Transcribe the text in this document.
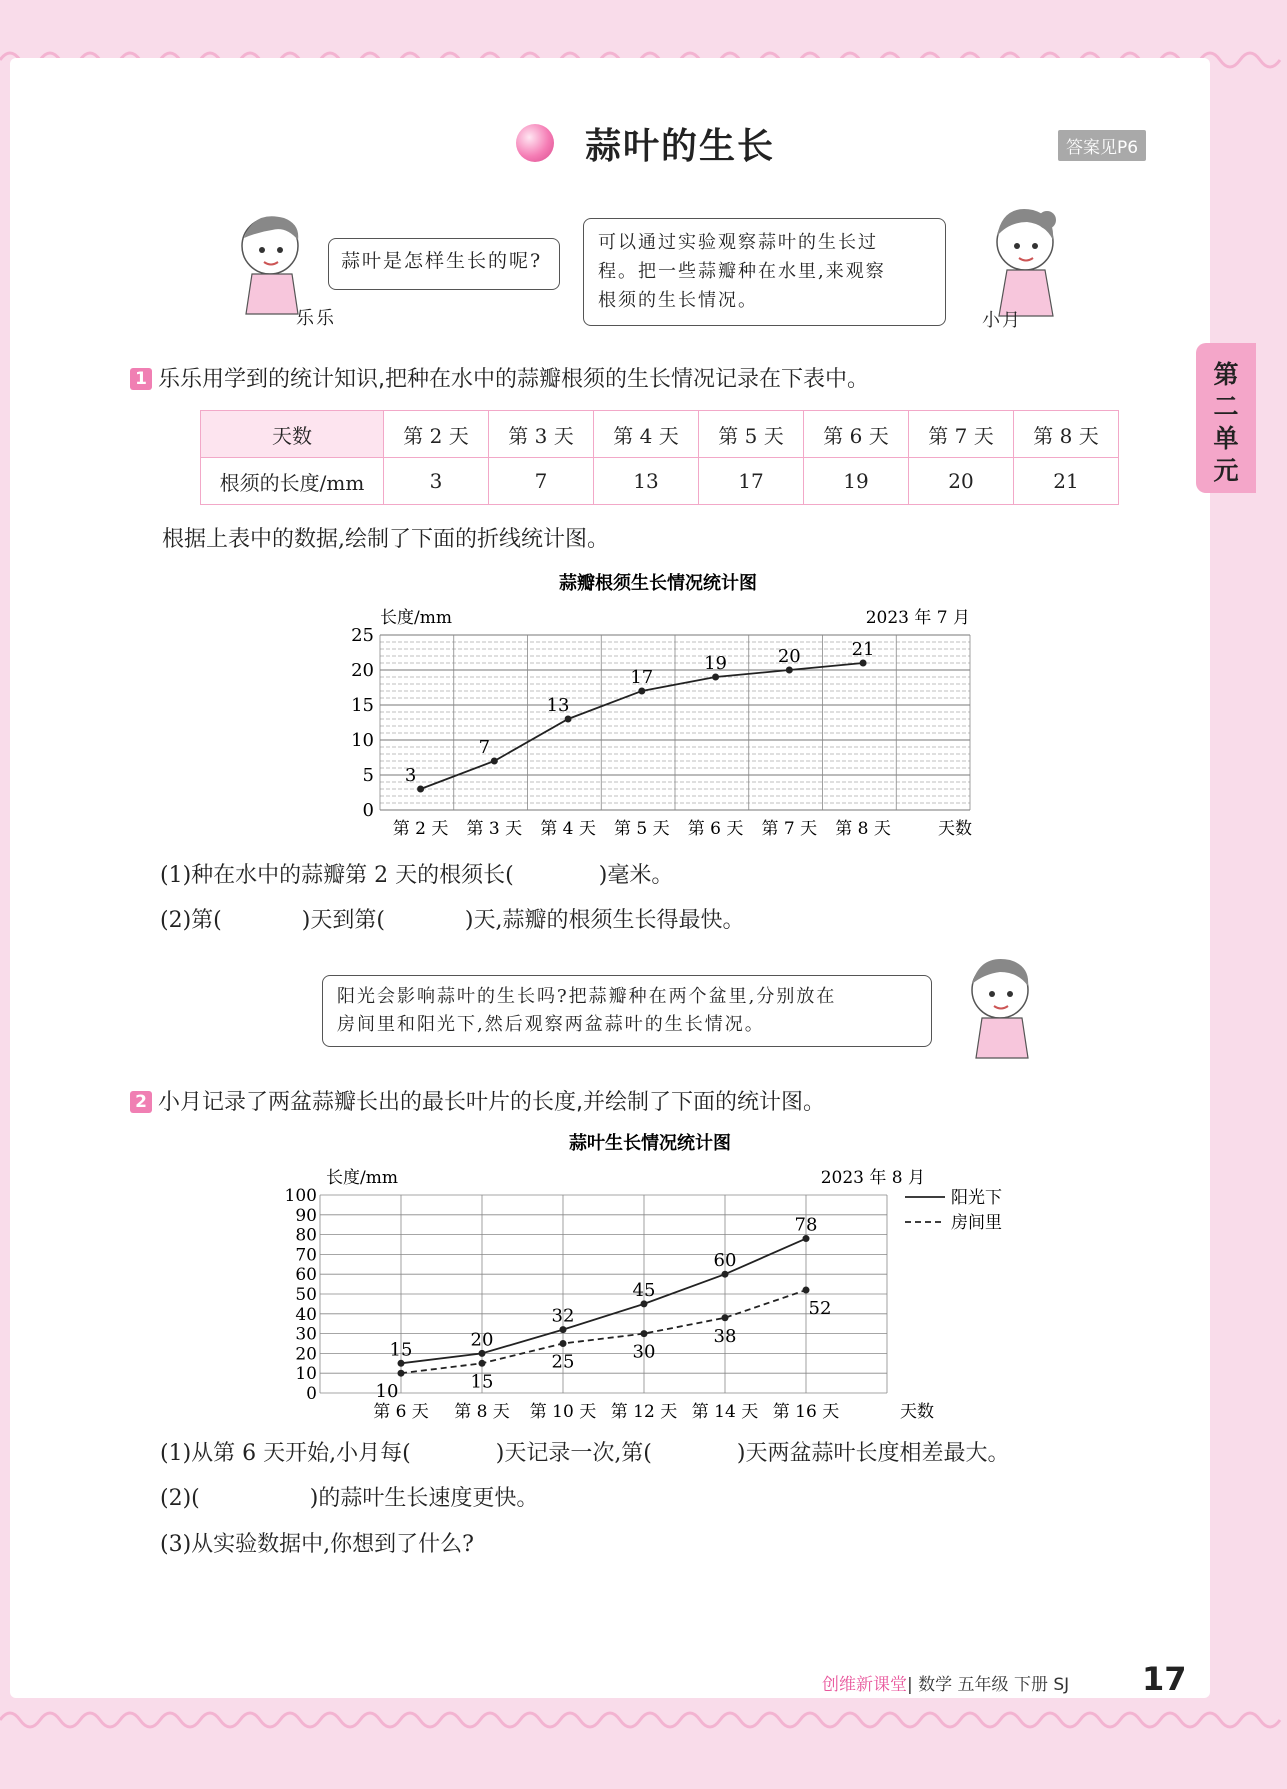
蒜叶的生长	答案见P6
第
二
单
元
蒜叶是怎样生长的呢?
乐乐
可以通过实验观察蒜叶的生长过
程。把一些蒜瓣种在水里,来观察
根须的生长情况。
小月
1 乐乐用学到的统计知识,把种在水中的蒜瓣根须的生长情况记录在下表中。
天数	第 2 天	第 3 天	第 4 天	第 5 天	第 6 天	第 7 天	第 8 天
根须的长度/mm	3	7	13	17	19	20	21
根据上表中的数据,绘制了下面的折线统计图。
蒜瓣根须生长情况统计图
长度/mm	2023 年 7 月
0
5
10
15
20
25
第 2 天 第 3 天 第 4 天 第 5 天 第 6 天 第 7 天 第 8 天	天数
3
7
13
17
19	20	21
(1)种在水中的蒜瓣第 2 天的根须长(	)毫米。
(2)第(	)天到第(	)天,蒜瓣的根须生长得最快。
阳光会影响蒜叶的生长吗?把蒜瓣种在两个盆里,分别放在
房间里和阳光下,然后观察两盆蒜叶的生长情况。
2 小月记录了两盆蒜瓣长出的最长叶片的长度,并绘制了下面的统计图。
蒜叶生长情况统计图
长度/mm	2023 年 8 月
0
10
20
30
40
50
60
70
80
90
100
第 6 天 第 8 天 第 10 天 第 12 天 第 14 天 第 16 天	天数
15	20
32
45
60
78
10	15
25	30
38
52
阳光下
房间里
(1)从第 6 天开始,小月每(	)天记录一次,第(	)天两盆蒜叶长度相差最大。
(2)(	)的蒜叶生长速度更快。
(3)从实验数据中,你想到了什么?
创维新课堂| 数学 五年级 下册 SJ 17
